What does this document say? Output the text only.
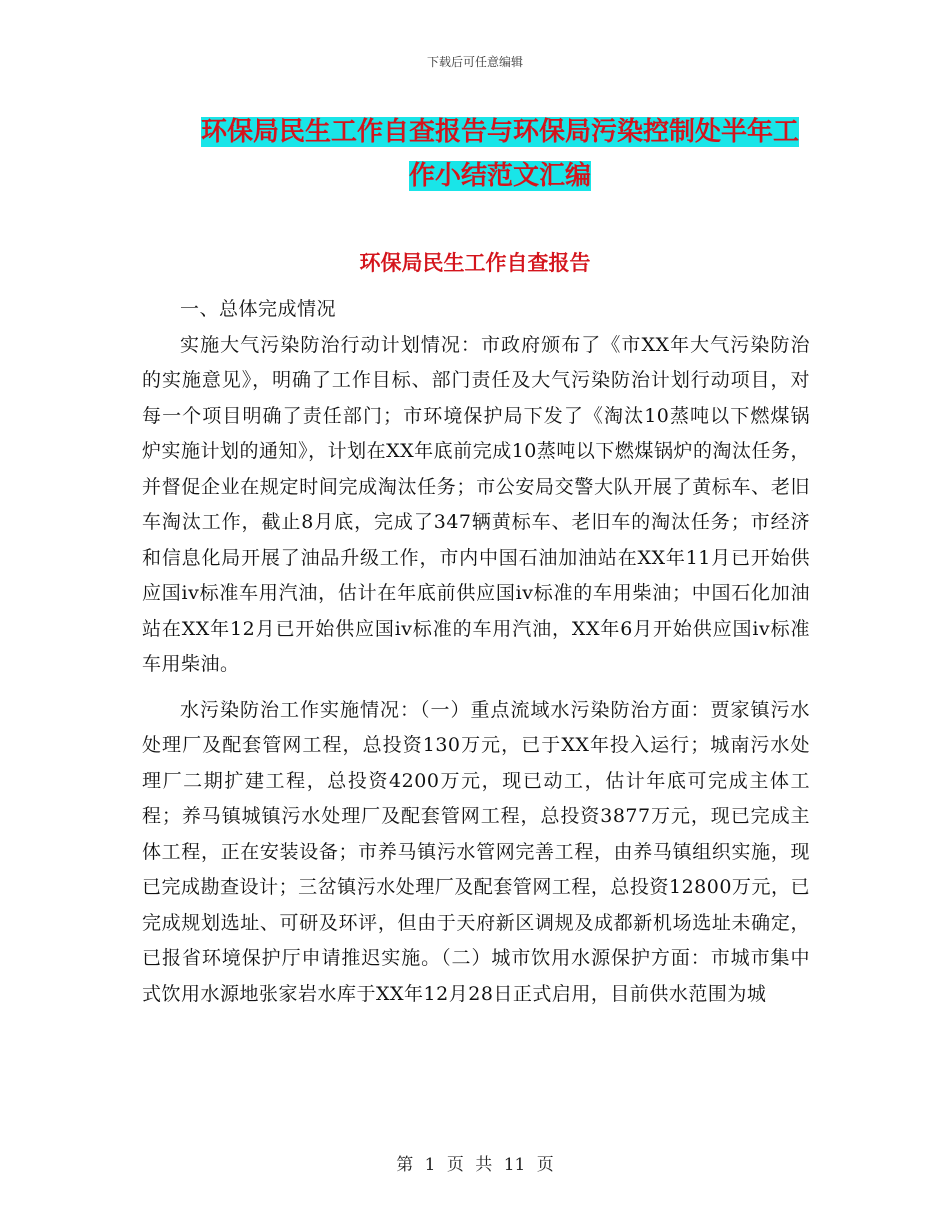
下载后可任意编辑
环保局民生工作自查报告与环保局污染控制处半年工作小结范文汇编
环保局民生工作自查报告

一、总体完成情况

实施大气污染防治行动计划情况：市政府颁布了《市XX年大气污染防治的实施意见》，明确了工作目标、部门责任及大气污染防治计划行动项目，对每一个项目明确了责任部门；市环境保护局下发了《淘汰10蒸吨以下燃煤锅炉实施计划的通知》，计划在XX年底前完成10蒸吨以下燃煤锅炉的淘汰任务，并督促企业在规定时间完成淘汰任务；市公安局交警大队开展了黄标车、老旧车淘汰工作，截止8月底，完成了347辆黄标车、老旧车的淘汰任务；市经济和信息化局开展了油品升级工作，市内中国石油加油站在XX年11月已开始供应国iv标准车用汽油，估计在年底前供应国iv标准的车用柴油；中国石化加油站在XX年12月已开始供应国iv标准的车用汽油，XX年6月开始供应国iv标准车用柴油。

水污染防治工作实施情况：（一）重点流域水污染防治方面：贾家镇污水处理厂及配套管网工程，总投资130万元，已于XX年投入运行；城南污水处理厂二期扩建工程，总投资4200万元，现已动工，估计年底可完成主体工程；养马镇城镇污水处理厂及配套管网工程，总投资3877万元，现已完成主体工程，正在安装设备；市养马镇污水管网完善工程，由养马镇组织实施，现已完成勘查设计；三岔镇污水处理厂及配套管网工程，总投资12800万元，已完成规划选址、可研及环评，但由于天府新区调规及成都新机场选址未确定，已报省环境保护厅申请推迟实施。（二）城市饮用水源保护方面：市城市集中式饮用水源地张家岩水库于XX年12月28日正式启用，目前供水范围为城

第 1 页 共 11 页
